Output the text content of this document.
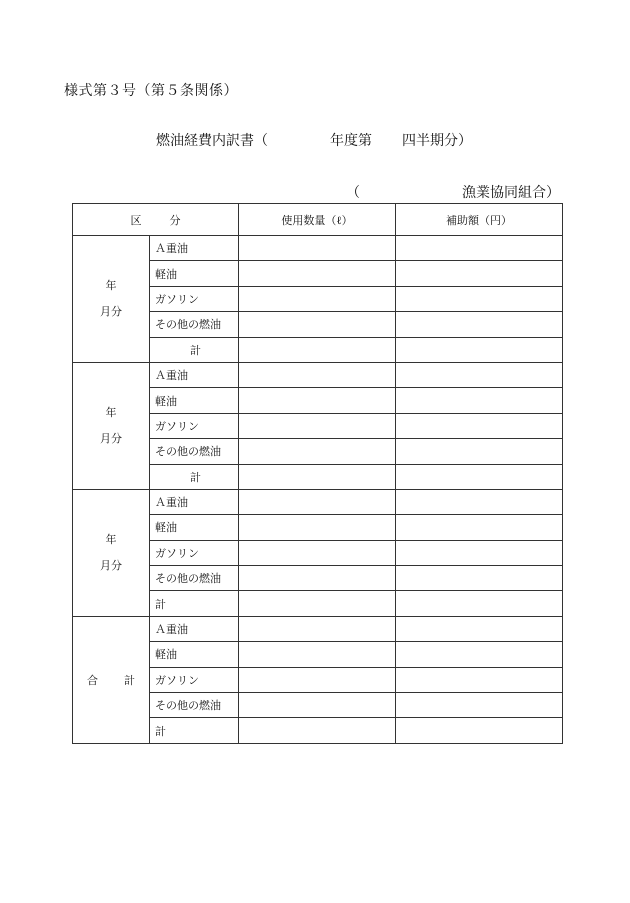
様式第３号（第５条関係）
燃油経費内訳書（	年度第 四半期分）
（	漁業協同組合）
区 分		使用数量（ℓ）	補助額（円）

年
月分	Ａ重油		
	軽油		
	ガソリン		
	その他の燃油		
	計		

年
月分	Ａ重油		
	軽油		
	ガソリン		
	その他の燃油		
	計		

年
月分	Ａ重油		
	軽油		
	ガソリン		
	その他の燃油		
	計		
合 計	Ａ重油		
	軽油		
	ガソリン		
	その他の燃油		
	計		
